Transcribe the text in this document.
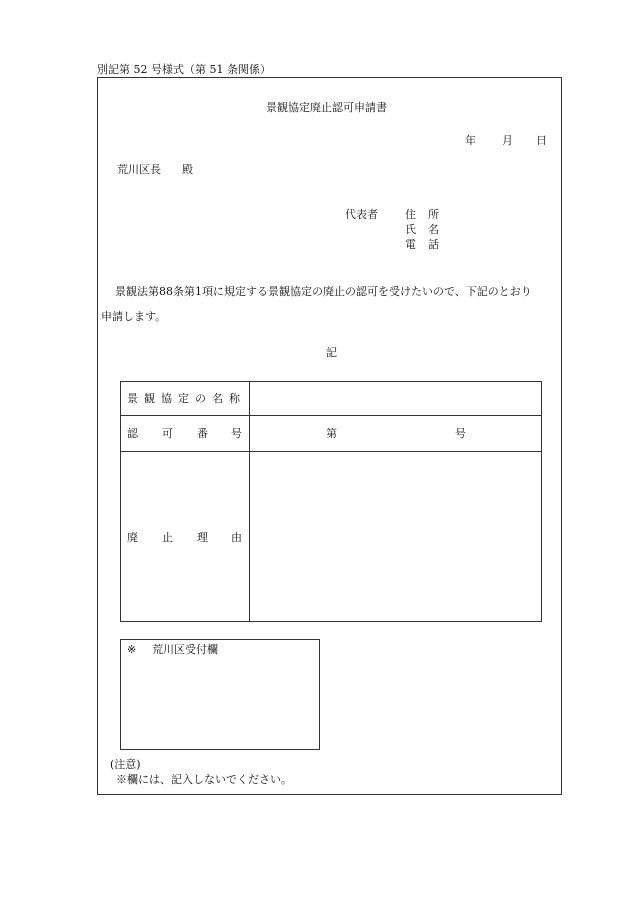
別記第 52 号様式（第 51 条関係）
景観協定廃止認可申請書
年 月 日
荒川区長 殿
代表者 住 所
氏 名
電 話
景観法第88条第1項に規定する景観協定の廃止の認可を受けたいので、下記のとおり
申請します。
記
景 観 協 定 の 名 称
認 可 番 号	第	号
廃 止 理 由
※ 荒川区受付欄
(注意)
※欄には、記入しないでください。
